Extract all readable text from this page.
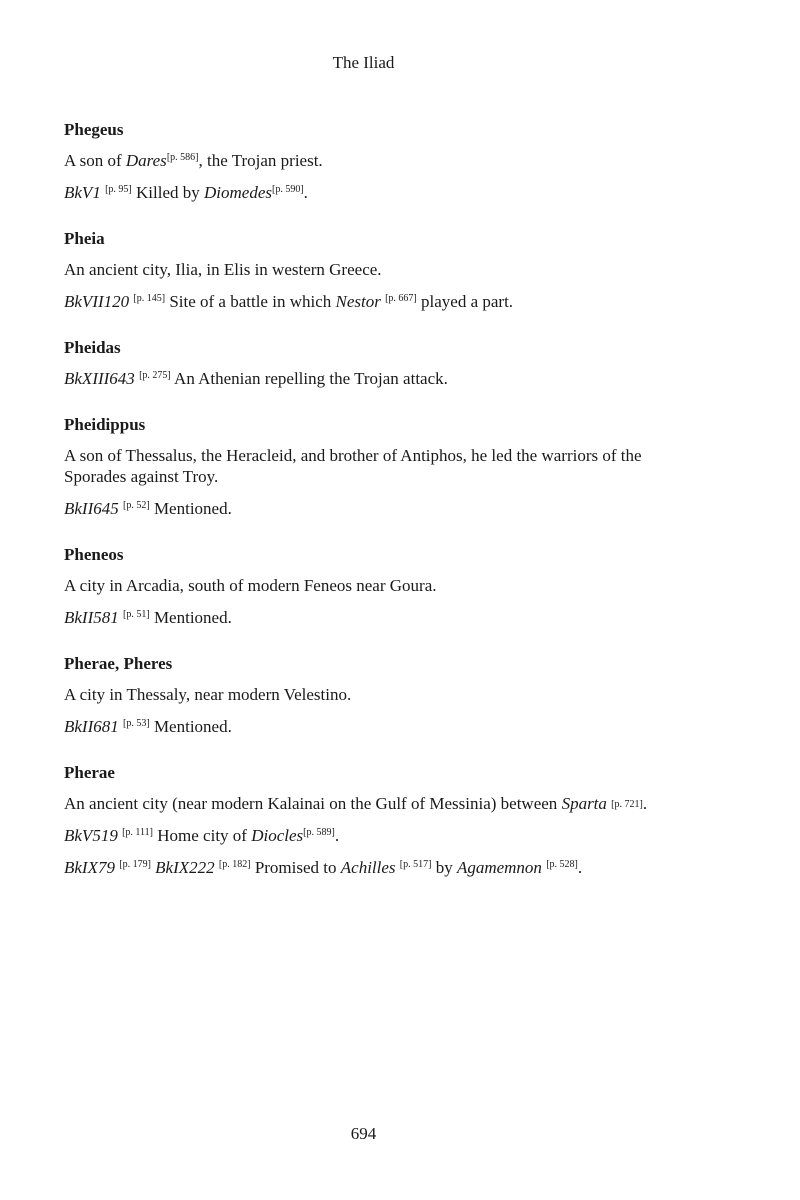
The Iliad
Phegeus

A son of Dares[p. 586], the Trojan priest.

BkV1 [p. 95] Killed by Diomedes[p. 590].

Pheia

An ancient city, Ilia, in Elis in western Greece.

BkVII120 [p. 145] Site of a battle in which Nestor [p. 667] played a part.

Pheidas

BkXIII643 [p. 275] An Athenian repelling the Trojan attack.

Pheidippus

A son of Thessalus, the Heracleid, and brother of Antiphos, he led the warriors of the Sporades against Troy.

BkII645 [p. 52] Mentioned.

Pheneos

A city in Arcadia, south of modern Feneos near Goura.

BkII581 [p. 51] Mentioned.

Pherae, Pheres

A city in Thessaly, near modern Velestino.

BkII681 [p. 53] Mentioned.

Pherae

An ancient city (near modern Kalainai on the Gulf of Messinia) between Sparta [p. 721].

BkV519 [p. 111] Home city of Diocles[p. 589].

BkIX79 [p. 179] BkIX222 [p. 182] Promised to Achilles [p. 517] by Agamemnon [p. 528].

694
